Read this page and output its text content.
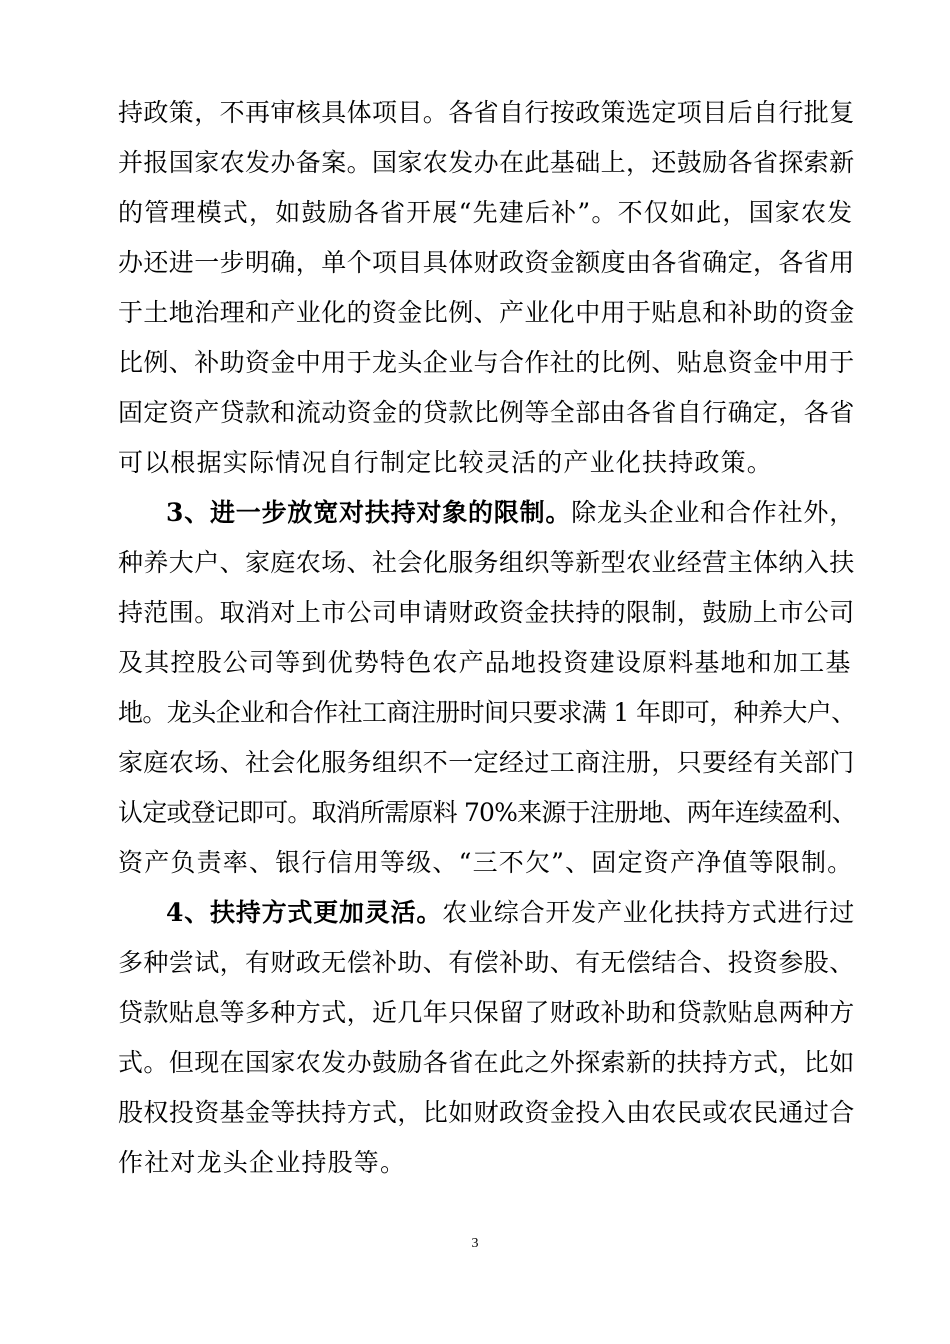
持政策，不再审核具体项目。各省自行按政策选定项目后自行批复
并报国家农发办备案。国家农发办在此基础上，还鼓励各省探索新
的管理模式，如鼓励各省开展“先建后补”。不仅如此，国家农发
办还进一步明确，单个项目具体财政资金额度由各省确定，各省用
于土地治理和产业化的资金比例、产业化中用于贴息和补助的资金
比例、补助资金中用于龙头企业与合作社的比例、贴息资金中用于
固定资产贷款和流动资金的贷款比例等全部由各省自行确定，各省
可以根据实际情况自行制定比较灵活的产业化扶持政策。
3、进一步放宽对扶持对象的限制。除龙头企业和合作社外，
种养大户、家庭农场、社会化服务组织等新型农业经营主体纳入扶
持范围。取消对上市公司申请财政资金扶持的限制，鼓励上市公司
及其控股公司等到优势特色农产品地投资建设原料基地和加工基
地。龙头企业和合作社工商注册时间只要求满 1 年即可，种养大户、
家庭农场、社会化服务组织不一定经过工商注册，只要经有关部门
认定或登记即可。取消所需原料 70%来源于注册地、两年连续盈利、
资产负责率、银行信用等级、“三不欠”、固定资产净值等限制。
4、扶持方式更加灵活。农业综合开发产业化扶持方式进行过
多种尝试，有财政无偿补助、有偿补助、有无偿结合、投资参股、
贷款贴息等多种方式，近几年只保留了财政补助和贷款贴息两种方
式。但现在国家农发办鼓励各省在此之外探索新的扶持方式，比如
股权投资基金等扶持方式，比如财政资金投入由农民或农民通过合
作社对龙头企业持股等。
3
